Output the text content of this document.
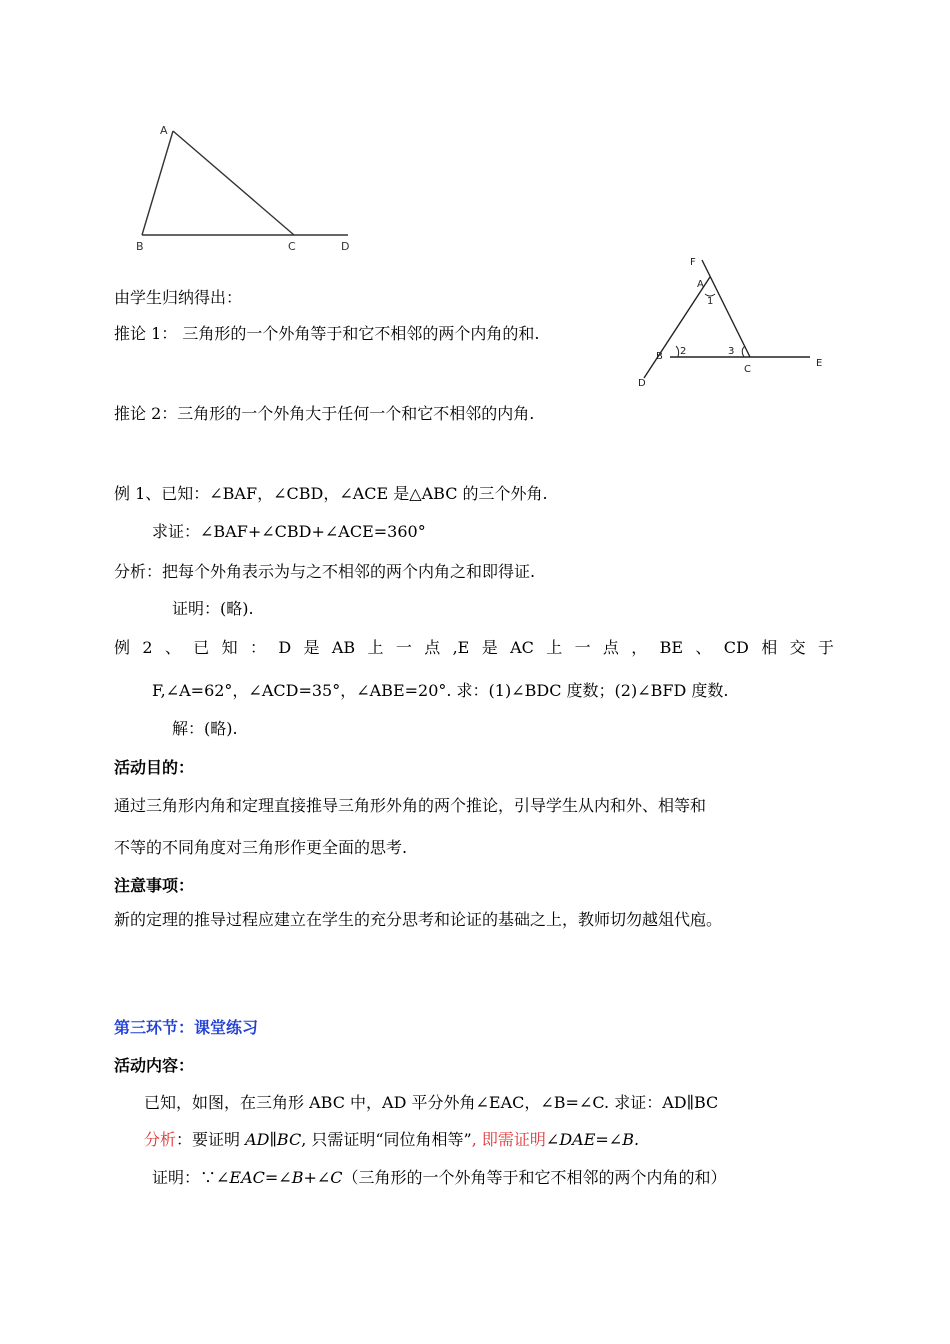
A
B	C	D
F
A
1
B 2	3
C
E
D
由学生归纳得出：
推论 1： 三角形的一个外角等于和它不相邻的两个内角的和.
推论 2：三角形的一个外角大于任何一个和它不相邻的内角.
例 1、已知：∠BAF，∠CBD，∠ACE 是△ABC 的三个外角.
求证：∠BAF+∠CBD+∠ACE=360°
分析：把每个外角表示为与之不相邻的两个内角之和即得证.
证明：(略).
例 2 、 已 知 ： D 是 AB 上 一 点 ,E 是 AC 上 一 点 ， BE 、 CD 相 交 于
F,∠A=62°，∠ACD=35°，∠ABE=20°. 求：(1)∠BDC 度数；(2)∠BFD 度数.
解：(略).
活动目的：
通过三角形内角和定理直接推导三角形外角的两个推论，引导学生从内和外、相等和
不等的不同角度对三角形作更全面的思考.
注意事项：
新的定理的推导过程应建立在学生的充分思考和论证的基础之上，教师切勿越俎代庖。
第三环节：课堂练习
活动内容：
已知，如图，在三角形 ABC 中，AD 平分外角∠EAC，∠B=∠C. 求证：AD∥BC
分析：要证明 AD∥BC, 只需证明“同位角相等”, 即需证明∠DAE=∠B.
证明：∵∠EAC=∠B+∠C（三角形的一个外角等于和它不相邻的两个内角的和）
